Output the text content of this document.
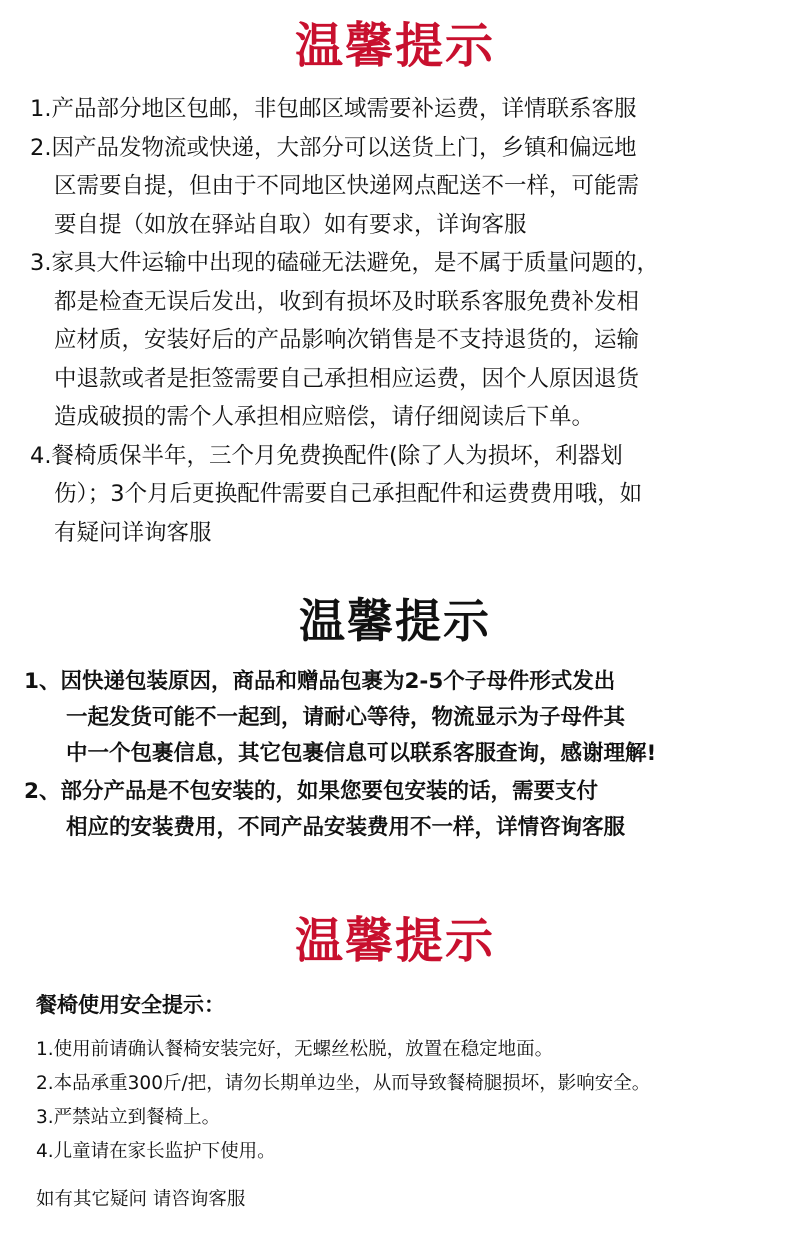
温馨提示
1.产品部分地区包邮，非包邮区域需要补运费，详情联系客服
2.因产品发物流或快递，大部分可以送货上门，乡镇和偏远地
区需要自提，但由于不同地区快递网点配送不一样，可能需
要自提（如放在驿站自取）如有要求，详询客服
3.家具大件运输中出现的磕碰无法避免，是不属于质量问题的，
都是检查无误后发出，收到有损坏及时联系客服免费补发相
应材质，安装好后的产品影响次销售是不支持退货的，运输
中退款或者是拒签需要自己承担相应运费，因个人原因退货
造成破损的需个人承担相应赔偿，请仔细阅读后下单。
4.餐椅质保半年，三个月免费换配件(除了人为损坏，利器划
伤）；3个月后更换配件需要自己承担配件和运费费用哦，如
有疑问详询客服
温馨提示
1、因快递包装原因，商品和赠品包裹为2-5个子母件形式发出
一起发货可能不一起到，请耐心等待，物流显示为子母件其
中一个包裹信息，其它包裹信息可以联系客服查询，感谢理解!
2、部分产品是不包安装的，如果您要包安装的话，需要支付
相应的安装费用，不同产品安装费用不一样，详情咨询客服
温馨提示
餐椅使用安全提示：
1.使用前请确认餐椅安装完好，无螺丝松脱，放置在稳定地面。
2.本品承重300斤/把，请勿长期单边坐，从而导致餐椅腿损坏，影响安全。
3.严禁站立到餐椅上。
4.儿童请在家长监护下使用。
如有其它疑问 请咨询客服
